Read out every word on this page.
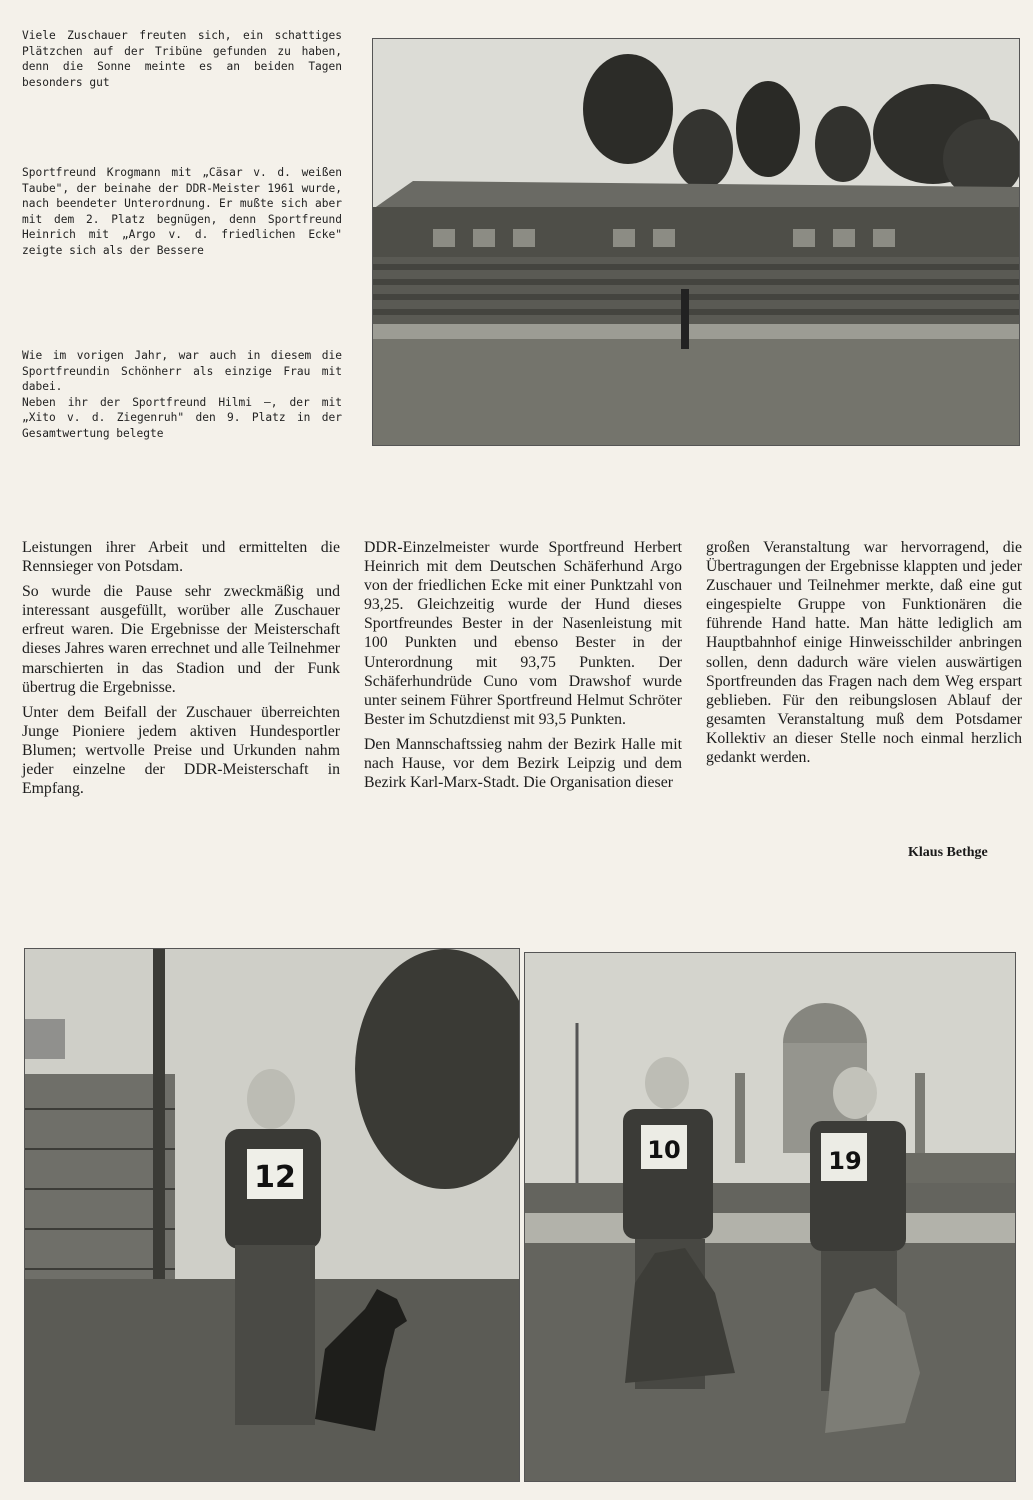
Viele Zuschauer freuten sich, ein schattiges Plätzchen auf der Tribüne gefunden zu haben, denn die Sonne meinte es an beiden Tagen besonders gut

Sportfreund Krogmann mit „Cäsar v. d. weißen Taube", der beinahe der DDR-Meister 1961 wurde, nach beendeter Unterordnung. Er mußte sich aber mit dem 2. Platz begnügen, denn Sportfreund Heinrich mit „Argo v. d. friedlichen Ecke" zeigte sich als der Bessere

Wie im vorigen Jahr, war auch in diesem die Sportfreundin Schönherr als einzige Frau mit dabei.

Neben ihr der Sportfreund Hilmi –, der mit „Xito v. d. Ziegenruh" den 9. Platz in der Gesamtwertung belegte

Leistungen ihrer Arbeit und ermittelten die Rennsieger von Potsdam.

So wurde die Pause sehr zweckmäßig und interessant ausgefüllt, worüber alle Zuschauer erfreut waren. Die Ergebnisse der Meisterschaft dieses Jahres waren errechnet und alle Teilnehmer marschierten in das Stadion und der Funk übertrug die Ergebnisse.

Unter dem Beifall der Zuschauer überreichten Junge Pioniere jedem aktiven Hundesportler Blumen; wertvolle Preise und Urkunden nahm jeder einzelne der DDR-Meisterschaft in Empfang.

DDR-Einzelmeister wurde Sportfreund Herbert Heinrich mit dem Deutschen Schäferhund Argo von der friedlichen Ecke mit einer Punktzahl von 93,25. Gleichzeitig wurde der Hund dieses Sportfreundes Bester in der Nasenleistung mit 100 Punkten und ebenso Bester in der Unterordnung mit 93,75 Punkten. Der Schäferhundrüde Cuno vom Drawshof wurde unter seinem Führer Sportfreund Helmut Schröter Bester im Schutzdienst mit 93,5 Punkten.

Den Mannschaftssieg nahm der Bezirk Halle mit nach Hause, vor dem Bezirk Leipzig und dem Bezirk Karl-Marx-Stadt. Die Organisation dieser

großen Veranstaltung war hervorragend, die Übertragungen der Ergebnisse klappten und jeder Zuschauer und Teilnehmer merkte, daß eine gut eingespielte Gruppe von Funktionären die führende Hand hatte. Man hätte lediglich am Hauptbahnhof einige Hinweisschilder anbringen sollen, denn dadurch wäre vielen auswärtigen Sportfreunden das Fragen nach dem Weg erspart geblieben. Für den reibungslosen Ablauf der gesamten Veranstaltung muß dem Potsdamer Kollektiv an dieser Stelle noch einmal herzlich gedankt werden.

Klaus Bethge
12
10	19
